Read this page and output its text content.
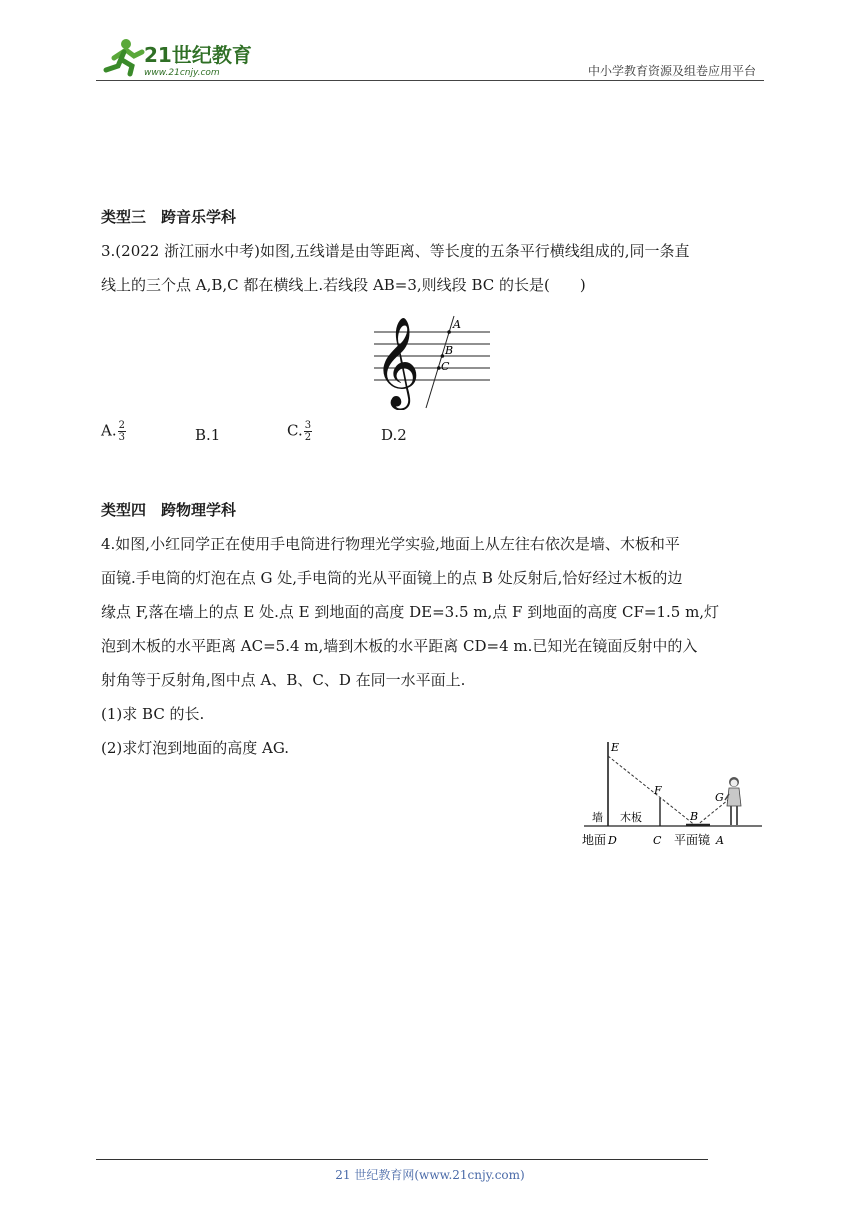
21世纪教育
www.21cnjy.com	中小学教育资源及组卷应用平台
类型三　跨音乐学科

3.(2022 浙江丽水中考)如图,五线谱是由等距离、等长度的五条平行横线组成的,同一条直

线上的三个点 A,B,C 都在横线上.若线段 AB=3,则线段 BC 的长是(　　)

𝄞	A
B
C
A. $\frac{2}{3}$	B.1	C. $\frac{3}{2}$	D.2
类型四　跨物理学科

4.如图,小红同学正在使用手电筒进行物理光学实验,地面上从左往右依次是墙、木板和平

面镜.手电筒的灯泡在点 G 处,手电筒的光从平面镜上的点 B 处反射后,恰好经过木板的边

缘点 F,落在墙上的点 E 处.点 E 到地面的高度 DE=3.5 m,点 F 到地面的高度 CF=1.5 m,灯

泡到木板的水平距离 AC=5.4 m,墙到木板的水平距离 CD=4 m.已知光在镜面反射中的入

射角等于反射角,图中点 A、B、C、D 在同一水平面上.

(1)求 BC 的长.

(2)求灯泡到地面的高度 AG.	E
F
G
B
墙 木板
地面 D	C 平面镜 A
21 世纪教育网(www.21cnjy.com)
